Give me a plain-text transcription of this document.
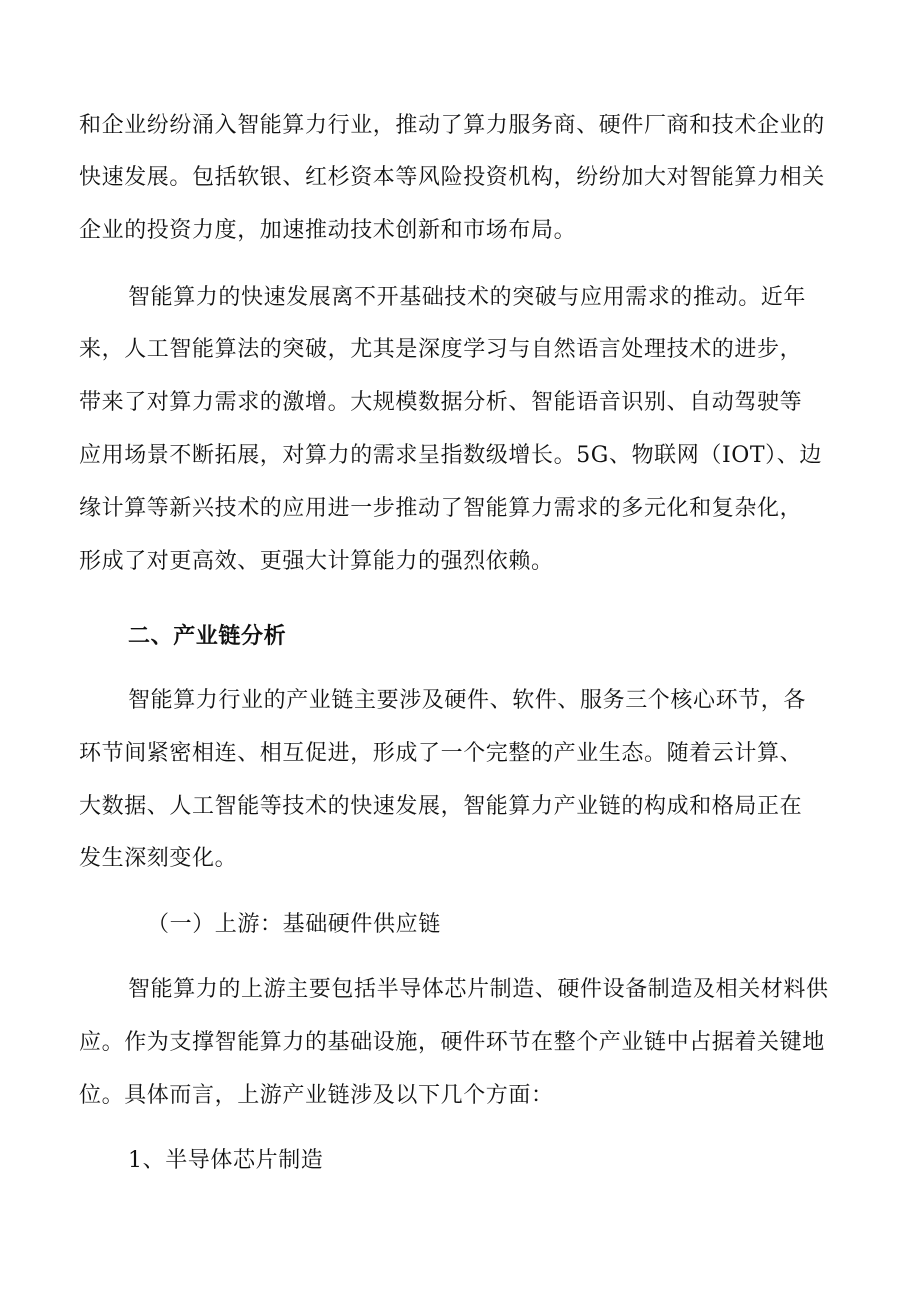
和企业纷纷涌入智能算力行业，推动了算力服务商、硬件厂商和技术企业的
快速发展。包括软银、红杉资本等风险投资机构，纷纷加大对智能算力相关
企业的投资力度，加速推动技术创新和市场布局。
智能算力的快速发展离不开基础技术的突破与应用需求的推动。近年
来，人工智能算法的突破，尤其是深度学习与自然语言处理技术的进步，
带来了对算力需求的激增。大规模数据分析、智能语音识别、自动驾驶等
应用场景不断拓展，对算力的需求呈指数级增长。5G、物联网（IOT）、边
缘计算等新兴技术的应用进一步推动了智能算力需求的多元化和复杂化，
形成了对更高效、更强大计算能力的强烈依赖。
二、产业链分析
智能算力行业的产业链主要涉及硬件、软件、服务三个核心环节，各
环节间紧密相连、相互促进，形成了一个完整的产业生态。随着云计算、
大数据、人工智能等技术的快速发展，智能算力产业链的构成和格局正在
发生深刻变化。
（一）上游：基础硬件供应链
智能算力的上游主要包括半导体芯片制造、硬件设备制造及相关材料供
应。作为支撑智能算力的基础设施，硬件环节在整个产业链中占据着关键地
位。具体而言，上游产业链涉及以下几个方面：
1、半导体芯片制造
